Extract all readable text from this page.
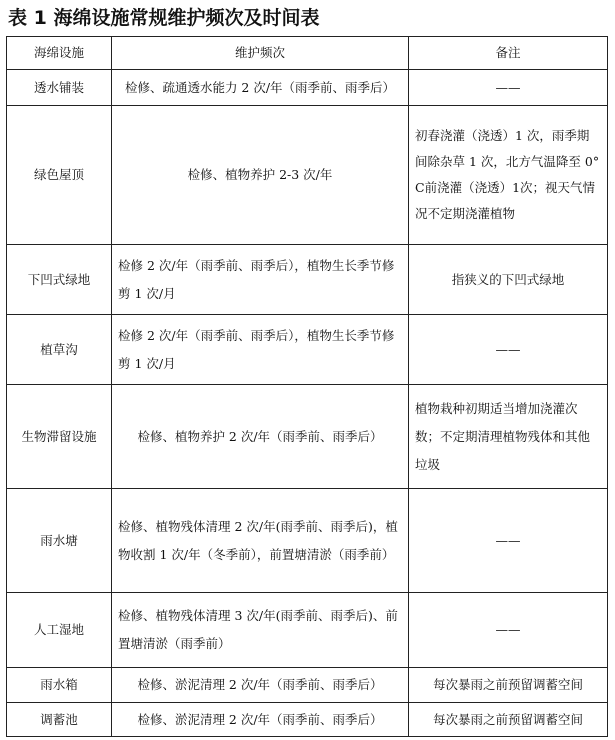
表 1 海绵设施常规维护频次及时间表
海绵设施	维护频次	备注
透水铺装	检修、疏通透水能力 2 次/年（雨季前、雨季后）	——
绿色屋顶	检修、植物养护 2-3 次/年	初春浇灌（浇透）1 次，雨季期间除杂草 1 次，北方气温降至 0°C前浇灌（浇透）1次；视天气情况不定期浇灌植物
下凹式绿地	检修 2 次/年（雨季前、雨季后），植物生长季节修剪 1 次/月	指狭义的下凹式绿地
植草沟	检修 2 次/年（雨季前、雨季后），植物生长季节修剪 1 次/月	——
生物滞留设施	检修、植物养护 2 次/年（雨季前、雨季后）	植物栽种初期适当增加浇灌次数；不定期清理植物残体和其他垃圾
雨水塘	检修、植物残体清理 2 次/年(雨季前、雨季后)，植物收割 1 次/年（冬季前），前置塘清淤（雨季前）	——
人工湿地	检修、植物残体清理 3 次/年(雨季前、雨季后)、前置塘清淤（雨季前）	——
雨水箱	检修、淤泥清理 2 次/年（雨季前、雨季后）	每次暴雨之前预留调蓄空间
调蓄池	检修、淤泥清理 2 次/年（雨季前、雨季后）	每次暴雨之前预留调蓄空间
